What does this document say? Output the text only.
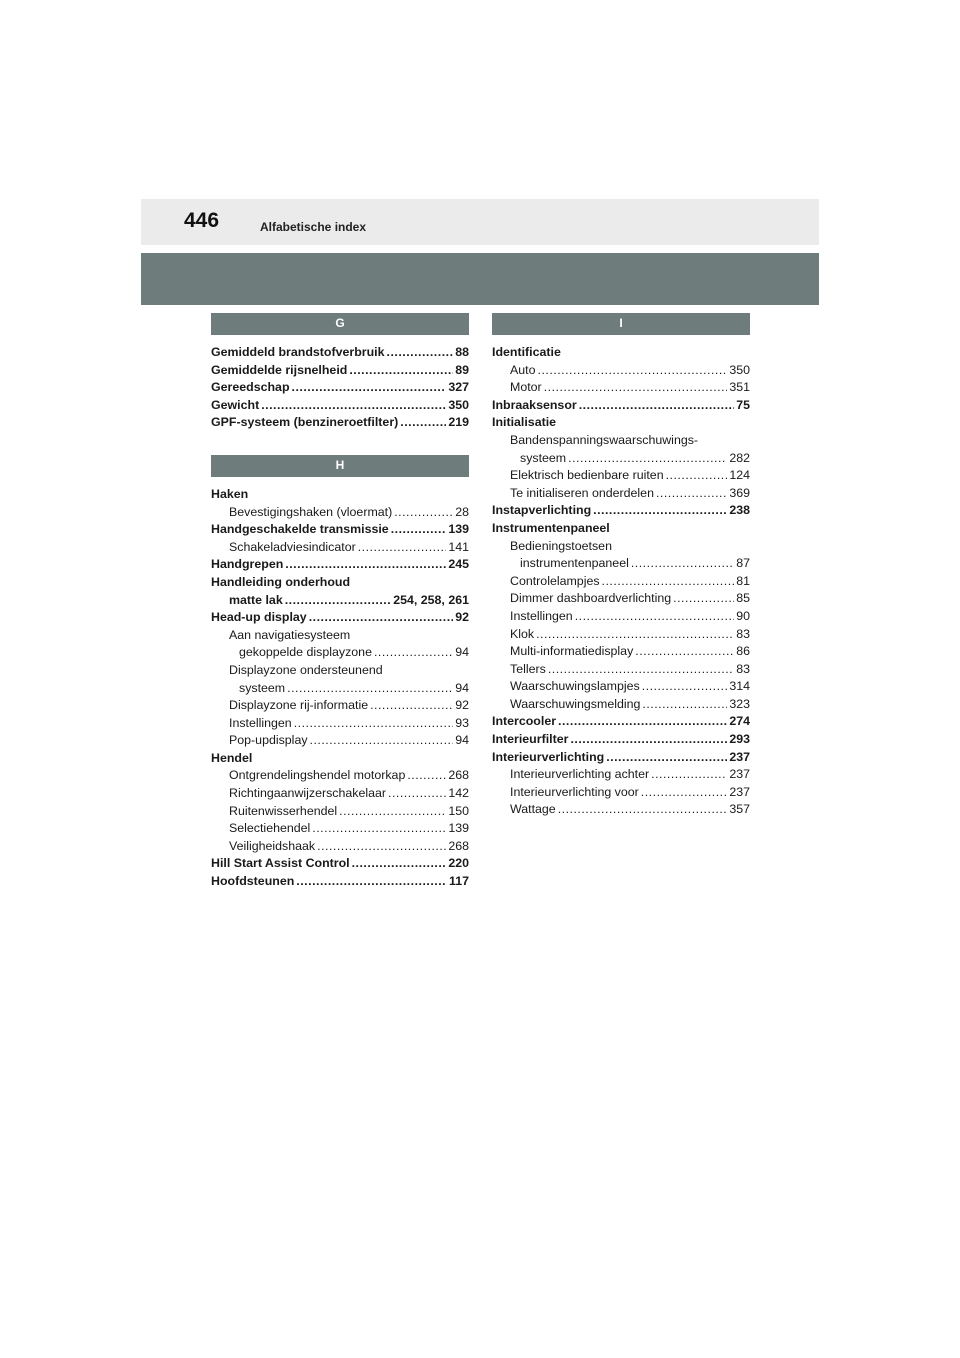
446	Alfabetische index
G
Gemiddeld brandstofverbruik .....	88
Gemiddelde rijsnelheid .....	89
Gereedschap .....	327
Gewicht .....	350
GPF-systeem (benzineroetfilter) .....	219
H
Haken
Bevestigingshaken (vloermat) .....	28
Handgeschakelde transmissie .....	139
Schakeladviesindicator .....	141
Handgrepen .....	245
Handleiding onderhoud
matte lak .....	254, 258, 261
Head-up display .....	92
Aan navigatiesysteem
gekoppelde displayzone .....	94
Displayzone ondersteunend
systeem .....	94
Displayzone rij-informatie .....	92
Instellingen .....	93
Pop-updisplay .....	94
Hendel
Ontgrendelingshendel motorkap .....	268
Richtingaanwijzerschakelaar .....	142
Ruitenwisserhendel .....	150
Selectiehendel .....	139
Veiligheidshaak .....	268
Hill Start Assist Control .....	220
Hoofdsteunen .....	117
I
Identificatie
Auto .....	350
Motor .....	351
Inbraaksensor .....	75
Initialisatie
Bandenspanningswaarschuwings-
systeem .....	282
Elektrisch bedienbare ruiten .....	124
Te initialiseren onderdelen .....	369
Instapverlichting .....	238
Instrumentenpaneel
Bedieningstoetsen
instrumentenpaneel .....	87
Controlelampjes .....	81
Dimmer dashboardverlichting .....	85
Instellingen .....	90
Klok .....	83
Multi-informatiedisplay .....	86
Tellers .....	83
Waarschuwingslampjes .....	314
Waarschuwingsmelding .....	323
Intercooler .....	274
Interieurfilter .....	293
Interieurverlichting .....	237
Interieurverlichting achter .....	237
Interieurverlichting voor .....	237
Wattage .....	357
